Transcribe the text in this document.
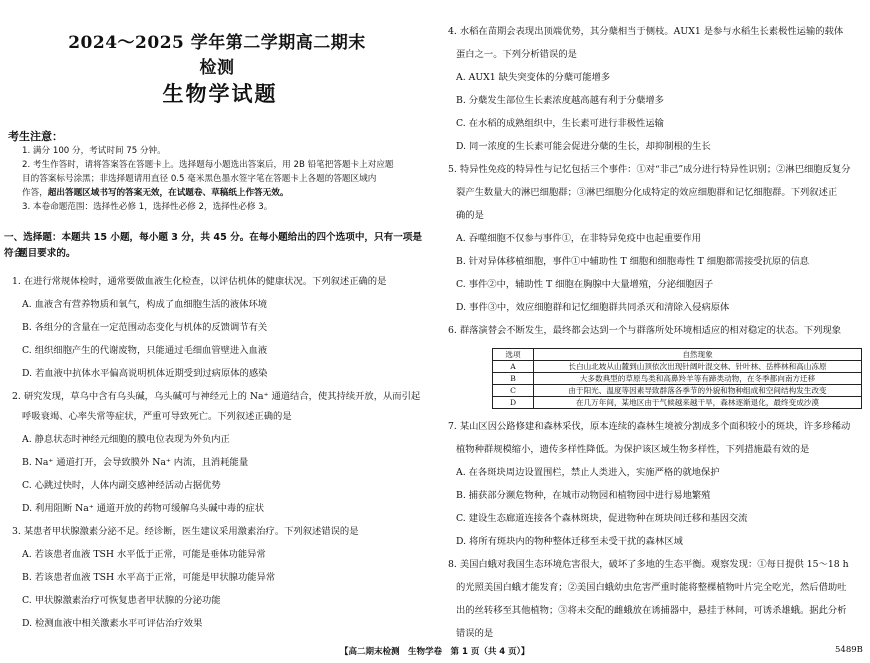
2024～2025 学年第二学期高二期末检测
生物学试题
考生注意：
1. 满分 100 分，考试时间 75 分钟。
2. 考生作答时，请将答案答在答题卡上。选择题每小题选出答案后，用 2B 铅笔把答题卡上对应题
目的答案标号涂黑；非选择题请用直径 0.5 毫米黑色墨水签字笔在答题卡上各题的答题区域内
作答，超出答题区域书写的答案无效，在试题卷、草稿纸上作答无效。
3. 本卷命题范围：选择性必修 1，选择性必修 2，选择性必修 3。
一、选择题：本题共 15 小题，每小题 3 分，共 45 分。在每小题给出的四个选项中，只有一项是符合
题目要求的。
1. 在进行常规体检时，通常要做血液生化检查，以评估机体的健康状况。下列叙述正确的是
A. 血液含有营养物质和氧气，构成了血细胞生活的液体环境
B. 各组分的含量在一定范围动态变化与机体的反馈调节有关
C. 组织细胞产生的代谢废物，只能通过毛细血管壁进入血液
D. 若血液中抗体水平偏高说明机体近期受到过病原体的感染
2. 研究发现，草乌中含有乌头碱，乌头碱可与神经元上的 Na⁺ 通道结合，使其持续开放，从而引起
呼吸衰竭、心率失常等症状，严重可导致死亡。下列叙述正确的是
A. 静息状态时神经元细胞的膜电位表现为外负内正
B. Na⁺ 通道打开，会导致膜外 Na⁺ 内流，且消耗能量
C. 心跳过快时，人体内副交感神经活动占据优势
D. 利用阻断 Na⁺ 通道开放的药物可缓解乌头碱中毒的症状
3. 某患者甲状腺激素分泌不足。经诊断，医生建议采用激素治疗。下列叙述错误的是
A. 若该患者血液 TSH 水平低于正常，可能是垂体功能异常
B. 若该患者血液 TSH 水平高于正常，可能是甲状腺功能异常
C. 甲状腺激素治疗可恢复患者甲状腺的分泌功能
D. 检测血液中相关激素水平可评估治疗效果
4. 水稻在苗期会表现出顶端优势，其分蘖相当于侧枝。AUX1 是参与水稻生长素极性运输的载体
蛋白之一。下列分析错误的是
A. AUX1 缺失突变体的分蘖可能增多
B. 分蘖发生部位生长素浓度越高越有利于分蘖增多
C. 在水稻的成熟组织中，生长素可进行非极性运输
D. 同一浓度的生长素可能会促进分蘖的生长，却抑制根的生长
5. 特异性免疫的特异性与记忆包括三个事件：①对“非己”成分进行特异性识别；②淋巴细胞反复分
裂产生数量大的淋巴细胞群；③淋巴细胞分化成特定的效应细胞群和记忆细胞群。下列叙述正
确的是
A. 吞噬细胞不仅参与事件①，在非特异免疫中也起重要作用
B. 针对异体移植细胞，事件①中辅助性 T 细胞和细胞毒性 T 细胞都需接受抗原的信息
C. 事件②中，辅助性 T 细胞在胸腺中大量增殖，分泌细胞因子
D. 事件③中，效应细胞群和记忆细胞群共同杀灭和清除入侵病原体
6. 群落演替会不断发生，最终都会达到一个与群落所处环境相适应的相对稳定的状态。下列现象
选项	自然现象
A	长白山北坡从山麓到山顶依次出现针阔叶混交林、针叶林、岳桦林和高山冻原
B	大多数典型的草原鸟类和高鼻羚羊等有蹄类动物，在冬季都向南方迁移
C	由于阳光、温度等因素导致群落各季节的外貌和物种组成和空间结构发生改变
D	在几万年间，某地区由于气候越来越干旱，森林逐渐退化，最终变成沙漠
7. 某山区因公路修建和森林采伐，原本连续的森林生境被分割成多个面积较小的斑块，许多珍稀动
植物种群规模缩小，遗传多样性降低。为保护该区域生物多样性，下列措施最有效的是
A. 在各斑块周边设置围栏，禁止人类进入，实施严格的就地保护
B. 捕获部分濒危物种，在城市动物园和植物园中进行易地繁殖
C. 建设生态廊道连接各个森林斑块，促进物种在斑块间迁移和基因交流
D. 将所有斑块内的物种整体迁移至未受干扰的森林区域
8. 美国白蛾对我国生态环境危害很大，破坏了多地的生态平衡。观察发现：①每日提供 15～18 h
的光照美国白蛾才能发育；②美国白蛾幼虫危害严重时能将整棵植物叶片完全吃光，然后借助吐
出的丝转移至其他植物；③将未交配的雌蛾放在诱捕器中，悬挂于林间，可诱杀雄蛾。据此分析
错误的是
【高二期末检测　生物学卷　第 1 页（共 4 页）】	5489B
